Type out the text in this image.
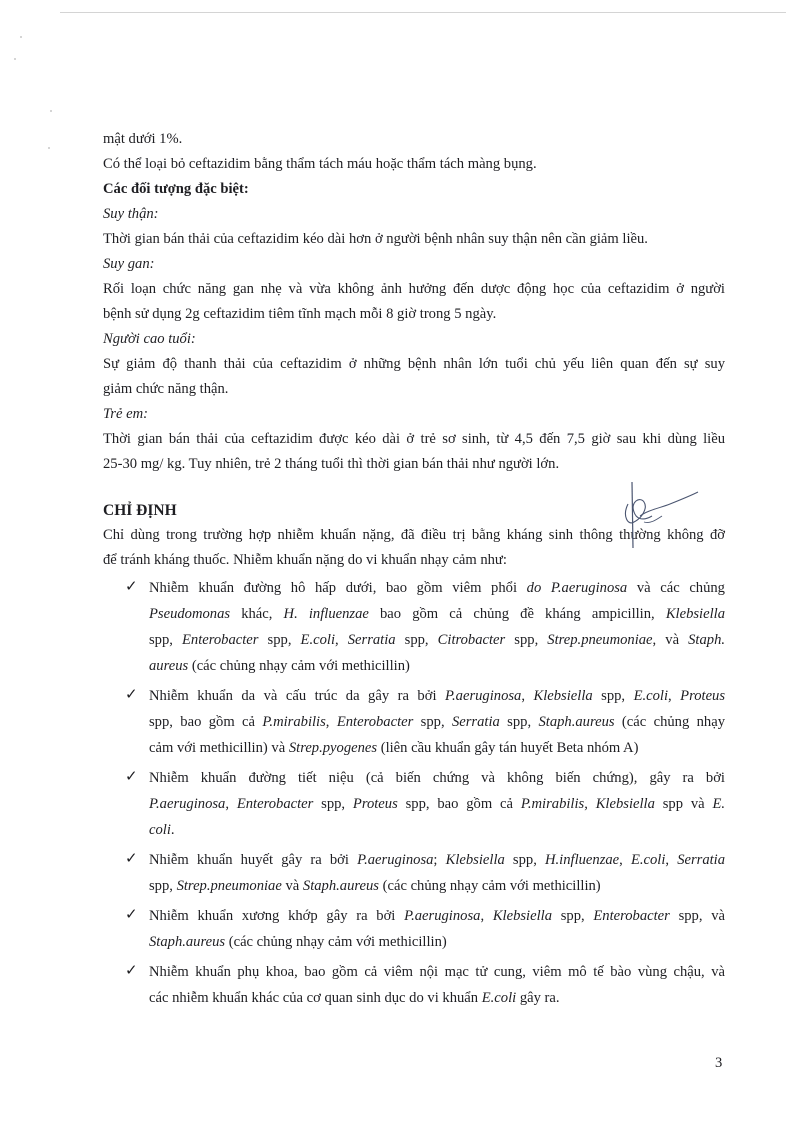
mật dưới 1%.
Có thể loại bỏ ceftazidim bằng thẩm tách máu hoặc thẩm tách màng bụng.
Các đối tượng đặc biệt:
Suy thận:
Thời gian bán thải của ceftazidim kéo dài hơn ở người bệnh nhân suy thận nên cần giảm liều.
Suy gan:
Rối loạn chức năng gan nhẹ và vừa không ảnh hưởng đến dược động học của ceftazidim ở người
bệnh sử dụng 2g ceftazidim tiêm tĩnh mạch mỗi 8 giờ trong 5 ngày.
Người cao tuổi:
Sự giảm độ thanh thải của ceftazidim ở những bệnh nhân lớn tuổi chủ yếu liên quan đến sự suy
giảm chức năng thận.
Trẻ em:
Thời gian bán thải của ceftazidim được kéo dài ở trẻ sơ sinh, từ 4,5 đến 7,5 giờ sau khi dùng liều
25-30 mg/ kg. Tuy nhiên, trẻ 2 tháng tuổi thì thời gian bán thải như người lớn.
CHỈ ĐỊNH
Chỉ dùng trong trường hợp nhiễm khuẩn nặng, đã điều trị bằng kháng sinh thông thường không đỡ
để tránh kháng thuốc. Nhiễm khuẩn nặng do vi khuẩn nhạy cảm như:
✓ Nhiễm khuẩn đường hô hấp dưới, bao gồm viêm phổi do P.aeruginosa và các chủng
Pseudomonas khác, H. influenzae bao gồm cả chủng đề kháng ampicillin, Klebsiella
spp, Enterobacter spp, E.coli, Serratia spp, Citrobacter spp, Strep.pneumoniae, và Staph.
aureus (các chủng nhạy cảm với methicillin)
✓ Nhiễm khuẩn da và cấu trúc da gây ra bởi P.aeruginosa, Klebsiella spp, E.coli, Proteus
spp, bao gồm cả P.mirabilis, Enterobacter spp, Serratia spp, Staph.aureus (các chủng nhạy
cảm với methicillin) và Strep.pyogenes (liên cầu khuẩn gây tán huyết Beta nhóm A)
✓ Nhiễm khuẩn đường tiết niệu (cả biến chứng và không biến chứng), gây ra bởi
P.aeruginosa, Enterobacter spp, Proteus spp, bao gồm cả P.mirabilis, Klebsiella spp và E.
coli.
✓ Nhiễm khuẩn huyết gây ra bởi P.aeruginosa; Klebsiella spp, H.influenzae, E.coli, Serratia
spp, Strep.pneumoniae và Staph.aureus (các chủng nhạy cảm với methicillin)
✓ Nhiễm khuẩn xương khớp gây ra bởi P.aeruginosa, Klebsiella spp, Enterobacter spp, và
Staph.aureus (các chủng nhạy cảm với methicillin)
✓ Nhiễm khuẩn phụ khoa, bao gồm cả viêm nội mạc tử cung, viêm mô tế bào vùng chậu, và
các nhiễm khuẩn khác của cơ quan sinh dục do vi khuẩn E.coli gây ra.
3
